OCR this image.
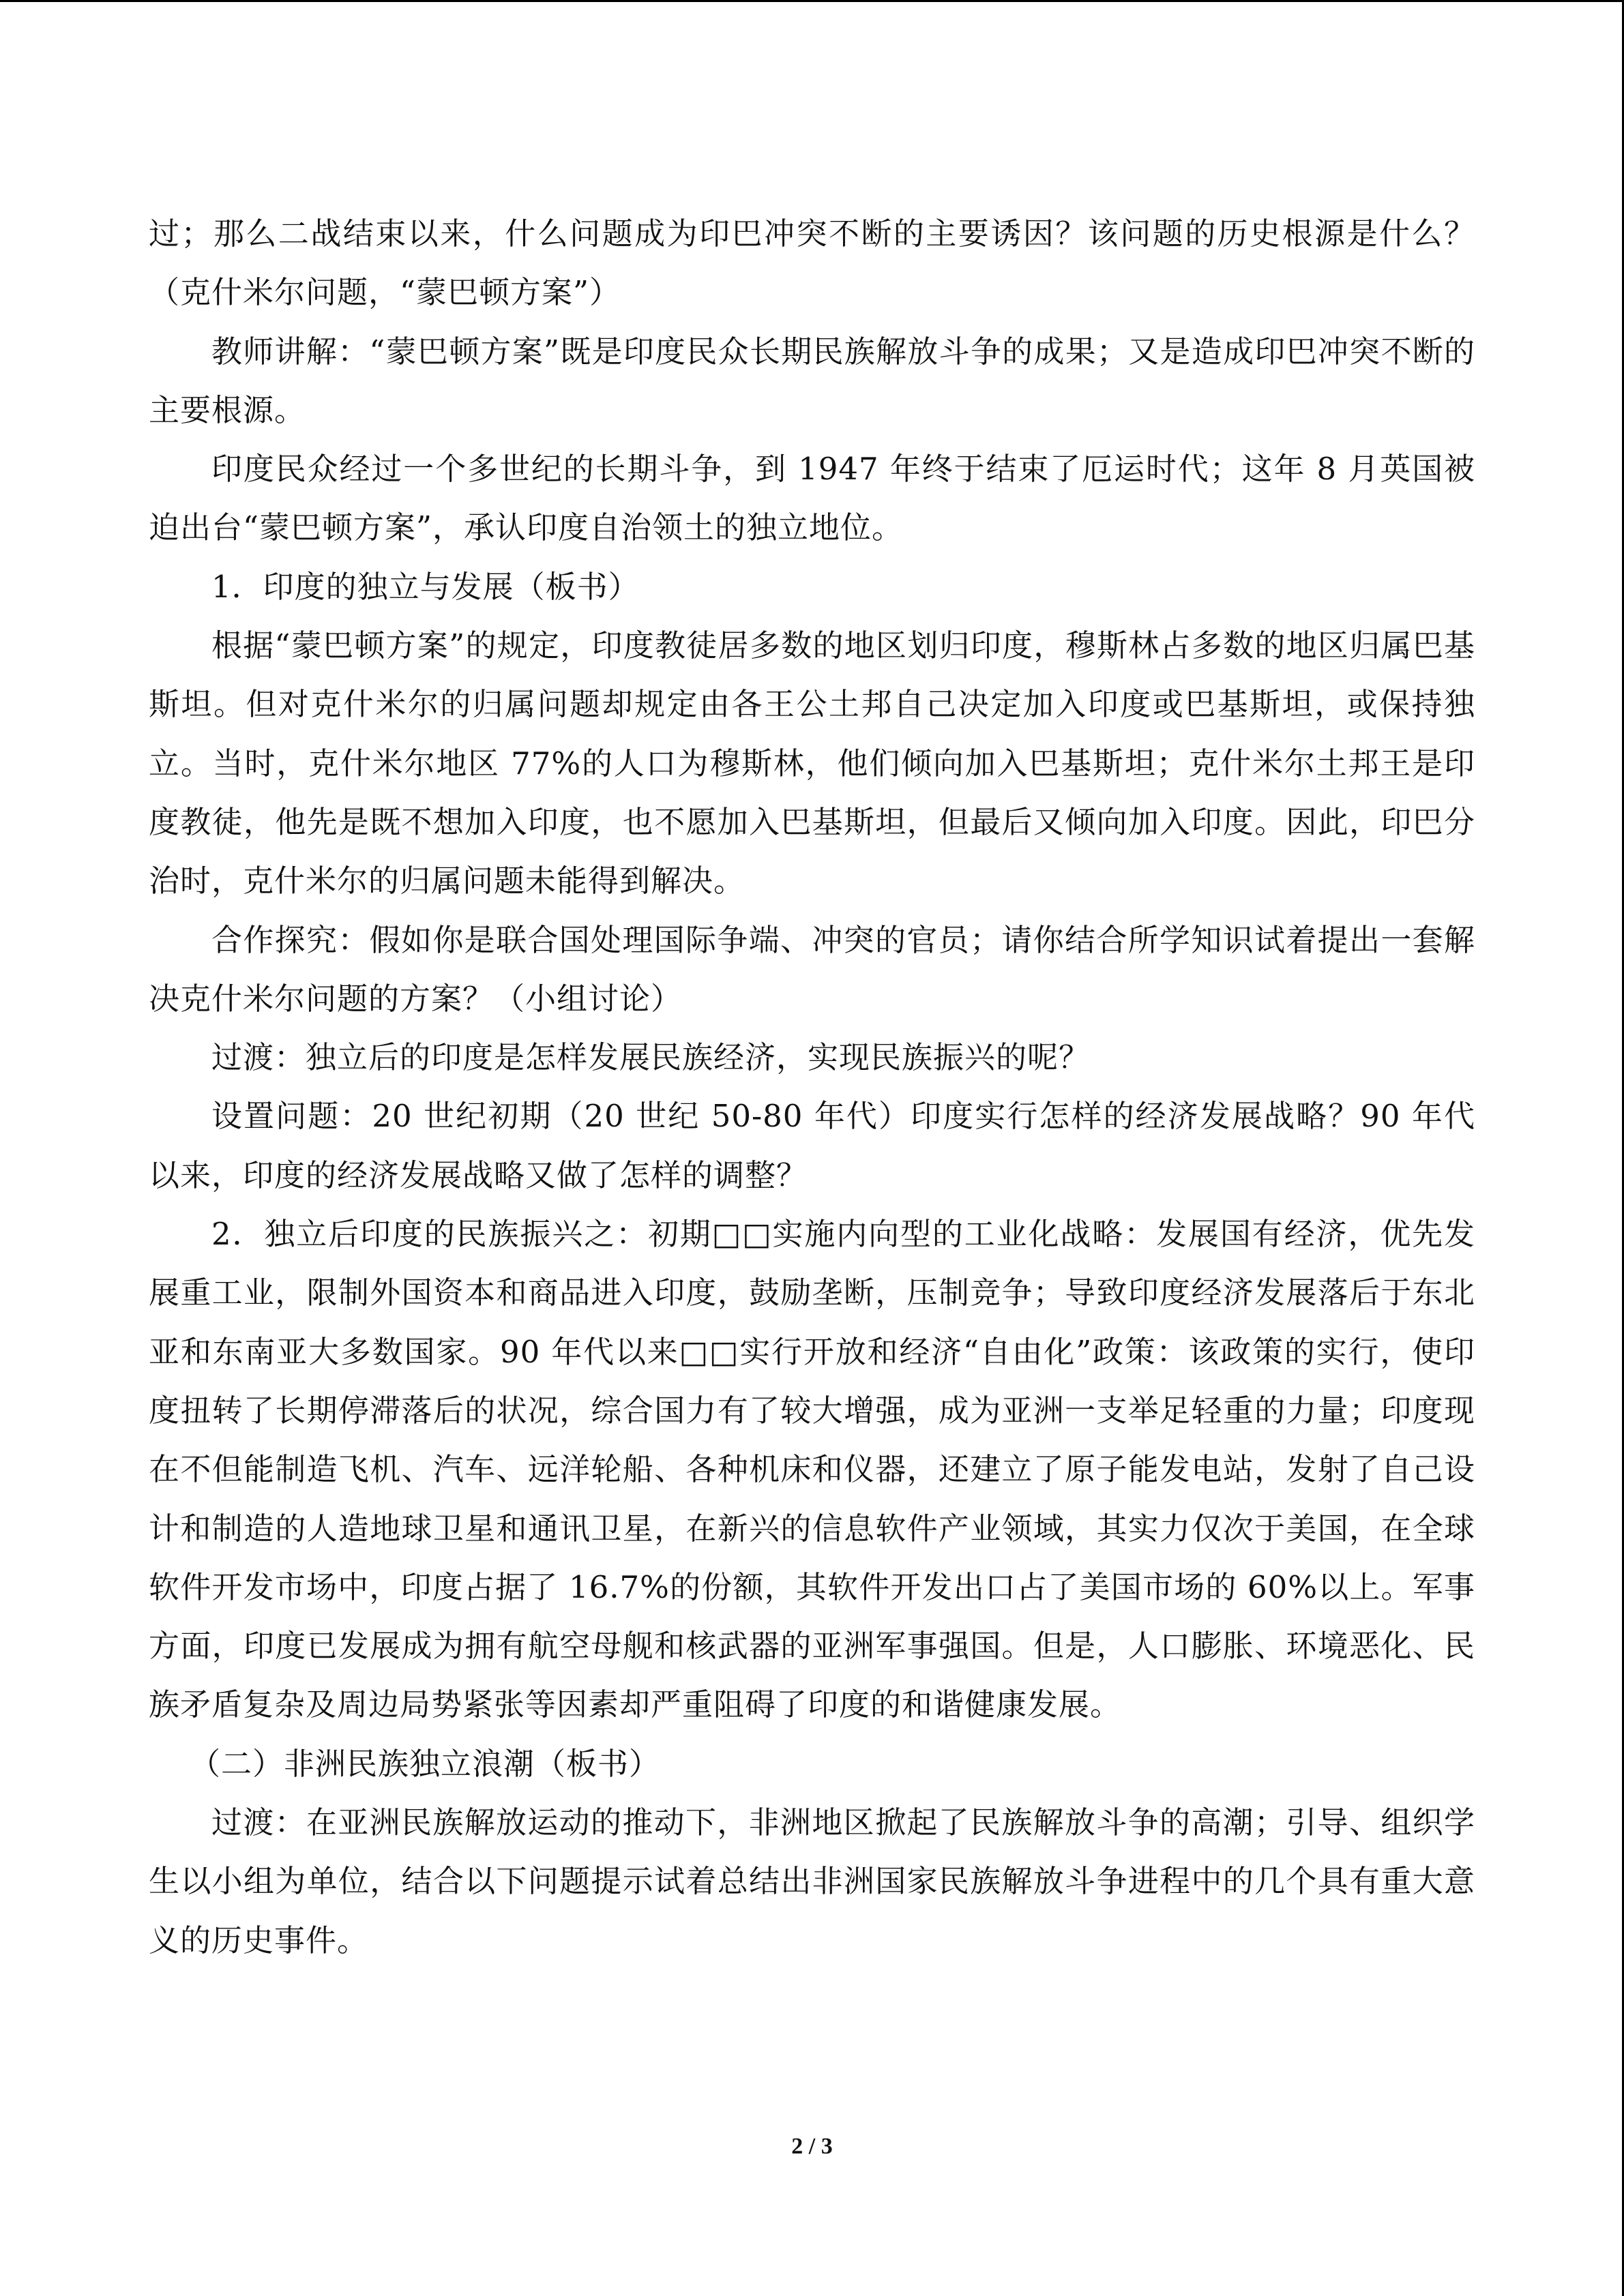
过；那么二战结束以来，什么问题成为印巴冲突不断的主要诱因？该问题的历史根源是什么？（克什米尔问题，“蒙巴顿方案”）

教师讲解：“蒙巴顿方案”既是印度民众长期民族解放斗争的成果；又是造成印巴冲突不断的主要根源。

印度民众经过一个多世纪的长期斗争，到 1947 年终于结束了厄运时代；这年 8 月英国被迫出台“蒙巴顿方案”，承认印度自治领土的独立地位。

1．印度的独立与发展（板书）

根据“蒙巴顿方案”的规定，印度教徒居多数的地区划归印度，穆斯林占多数的地区归属巴基斯坦。但对克什米尔的归属问题却规定由各王公土邦自己决定加入印度或巴基斯坦，或保持独立。当时，克什米尔地区 77%的人口为穆斯林，他们倾向加入巴基斯坦；克什米尔土邦王是印度教徒，他先是既不想加入印度，也不愿加入巴基斯坦，但最后又倾向加入印度。因此，印巴分治时，克什米尔的归属问题未能得到解决。

合作探究：假如你是联合国处理国际争端、冲突的官员；请你结合所学知识试着提出一套解决克什米尔问题的方案？（小组讨论）

过渡：独立后的印度是怎样发展民族经济，实现民族振兴的呢？

设置问题：20 世纪初期（20 世纪 50-80 年代）印度实行怎样的经济发展战略？90 年代以来，印度的经济发展战略又做了怎样的调整？

2．独立后印度的民族振兴之：初期□□实施内向型的工业化战略：发展国有经济，优先发展重工业，限制外国资本和商品进入印度，鼓励垄断，压制竞争；导致印度经济发展落后于东北亚和东南亚大多数国家。90 年代以来□□实行开放和经济“自由化”政策：该政策的实行，使印度扭转了长期停滞落后的状况，综合国力有了较大增强，成为亚洲一支举足轻重的力量；印度现在不但能制造飞机、汽车、远洋轮船、各种机床和仪器，还建立了原子能发电站，发射了自己设计和制造的人造地球卫星和通讯卫星，在新兴的信息软件产业领域，其实力仅次于美国，在全球软件开发市场中，印度占据了 16.7%的份额，其软件开发出口占了美国市场的 60%以上。军事方面，印度已发展成为拥有航空母舰和核武器的亚洲军事强国。但是，人口膨胀、环境恶化、民族矛盾复杂及周边局势紧张等因素却严重阻碍了印度的和谐健康发展。

（二）非洲民族独立浪潮（板书）

过渡：在亚洲民族解放运动的推动下，非洲地区掀起了民族解放斗争的高潮；引导、组织学生以小组为单位，结合以下问题提示试着总结出非洲国家民族解放斗争进程中的几个具有重大意义的历史事件。

2 / 3
